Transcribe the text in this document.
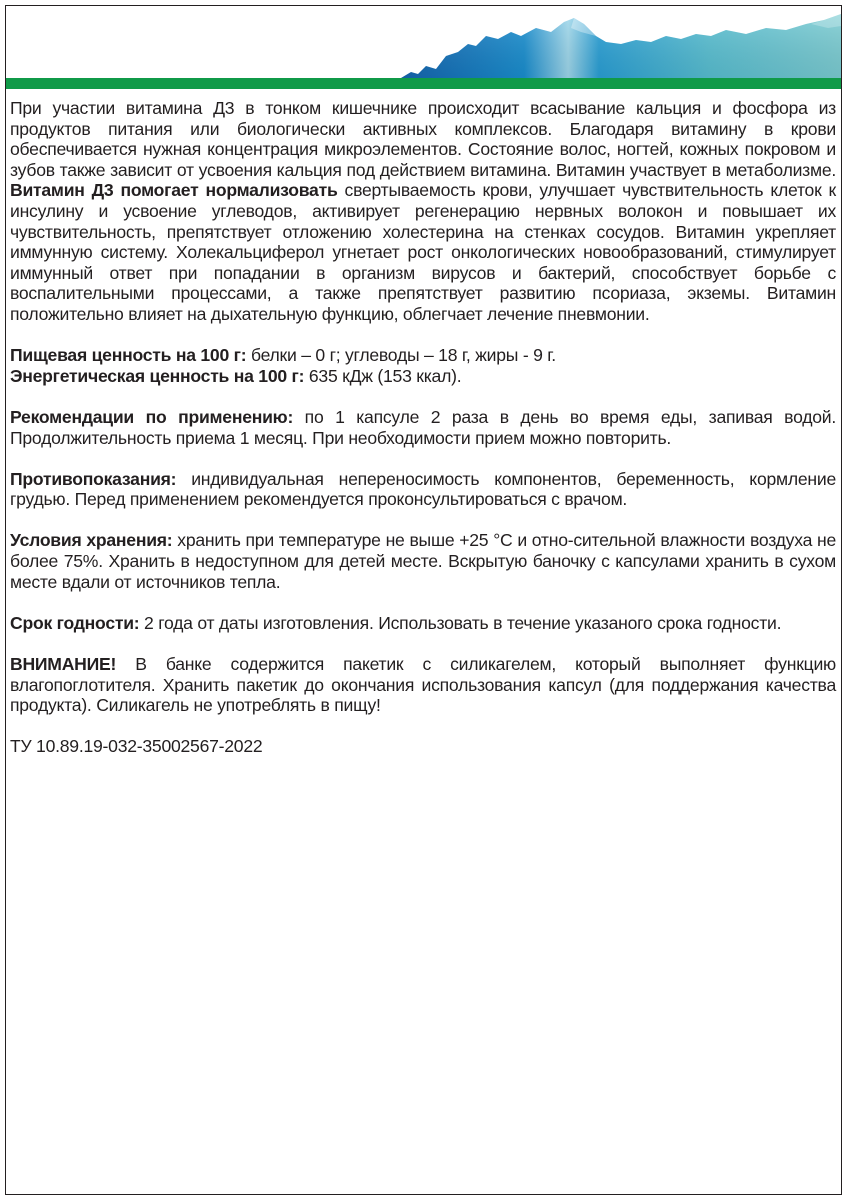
При участии витамина Д3 в тонком кишечнике происходит всасывание кальция и фосфора из продуктов питания или биологически активных комплексов. Благодаря витамину в крови обеспечивается нужная концентрация микроэлементов. Состояние волос, ногтей, кожных покровом и зубов также зависит от усвоения кальция под действием витамина. Витамин участвует в метаболизме. Витамин Д3 помогает нормализовать свертываемость крови, улучшает чувствительность клеток к инсулину и усвоение углеводов, активирует регенерацию нервных волокон и повышает их чувствительность, препятствует отложению холестерина на стенках сосудов. Витамин укрепляет иммунную систему. Холекальциферол угнетает рост онкологических новообразований, стимулирует иммунный ответ при попадании в организм вирусов и бактерий, способствует борьбе с воспалительными процессами, а также препятствует развитию псориаза, экземы. Витамин положительно влияет на дыхательную функцию, облегчает лечение пневмонии.

Пищевая ценность на 100 г: белки – 0 г; углеводы – 18 г, жиры - 9 г.

Энергетическая ценность на 100 г: 635 кДж (153 ккал).

Рекомендации по применению: по 1 капсуле 2 раза в день во время еды, запивая водой. Продолжительность приема 1 месяц. При необходимости прием можно повторить.

Противопоказания: индивидуальная непереносимость компонентов, беременность, кормление грудью. Перед применением рекомендуется проконсультироваться с врачом.

Условия хранения: хранить при температуре не выше +25 °C и отно-сительной влажности воздуха не более 75%. Хранить в недоступном для детей месте. Вскрытую баночку с капсулами хранить в сухом месте вдали от источников тепла.

Срок годности: 2 года от даты изготовления. Использовать в течение указаного срока годности.

ВНИМАНИЕ! В банке содержится пакетик с силикагелем, который выполняет функцию влагопоглотителя. Хранить пакетик до окончания использования капсул (для поддержания качества продукта). Силикагель не употреблять в пищу!

ТУ 10.89.19-032-35002567-2022
